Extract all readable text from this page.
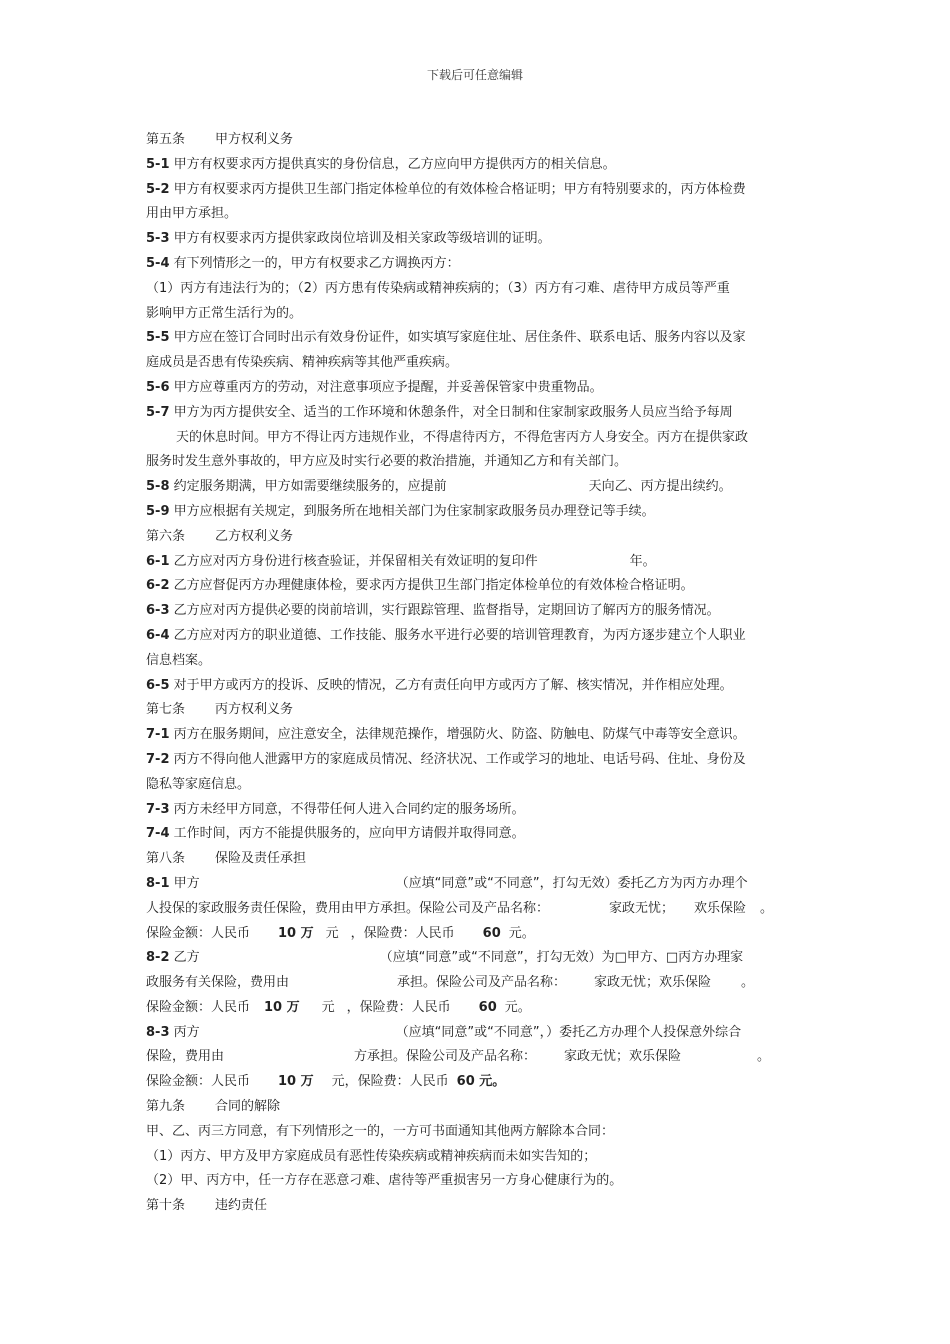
下载后可任意编辑
第五条 甲方权利义务
5-1 甲方有权要求丙方提供真实的身份信息，乙方应向甲方提供丙方的相关信息。
5-2 甲方有权要求丙方提供卫生部门指定体检单位的有效体检合格证明；甲方有特别要求的，丙方体检费
用由甲方承担。
5-3 甲方有权要求丙方提供家政岗位培训及相关家政等级培训的证明。
5-4 有下列情形之一的，甲方有权要求乙方调换丙方：
（1）丙方有违法行为的；（2）丙方患有传染病或精神疾病的；（3）丙方有刁难、虐待甲方成员等严重
影响甲方正常生活行为的。
5-5 甲方应在签订合同时出示有效身份证件，如实填写家庭住址、居住条件、联系电话、服务内容以及家
庭成员是否患有传染疾病、精神疾病等其他严重疾病。
5-6 甲方应尊重丙方的劳动，对注意事项应予提醒，并妥善保管家中贵重物品。
5-7 甲方为丙方提供安全、适当的工作环境和休憩条件，对全日制和住家制家政服务人员应当给予每周
天的休息时间。甲方不得让丙方违规作业，不得虐待丙方，不得危害丙方人身安全。丙方在提供家政
服务时发生意外事故的，甲方应及时实行必要的救治措施，并通知乙方和有关部门。
5-8 约定服务期满，甲方如需要继续服务的，应提前	天向乙、丙方提出续约。
5-9 甲方应根据有关规定，到服务所在地相关部门为住家制家政服务员办理登记等手续。
第六条 乙方权利义务
6-1 乙方应对丙方身份进行核查验证，并保留相关有效证明的复印件	年。
6-2 乙方应督促丙方办理健康体检，要求丙方提供卫生部门指定体检单位的有效体检合格证明。
6-3 乙方应对丙方提供必要的岗前培训，实行跟踪管理、监督指导，定期回访了解丙方的服务情况。
6-4 乙方应对丙方的职业道德、工作技能、服务水平进行必要的培训管理教育，为丙方逐步建立个人职业
信息档案。
6-5 对于甲方或丙方的投诉、反映的情况，乙方有责任向甲方或丙方了解、核实情况，并作相应处理。
第七条 丙方权利义务
7-1 丙方在服务期间，应注意安全，法律规范操作，增强防火、防盗、防触电、防煤气中毒等安全意识。
7-2 丙方不得向他人泄露甲方的家庭成员情况、经济状况、工作或学习的地址、电话号码、住址、身份及
隐私等家庭信息。
7-3 丙方未经甲方同意，不得带任何人进入合同约定的服务场所。
7-4 工作时间，丙方不能提供服务的，应向甲方请假并取得同意。
第八条 保险及责任承担
8-1 甲方	（应填“同意”或“不同意”，打勾无效）委托乙方为丙方办理个
人投保的家政服务责任保险，费用由甲方承担。保险公司及产品名称：	家政无忧； 欢乐保险 。
保险金额：人民币 10 万 元 ，保险费：人民币 60 元。
8-2 乙方	（应填“同意”或“不同意”，打勾无效）为□甲方、□丙方办理家
政服务有关保险，费用由	承担。保险公司及产品名称： 家政无忧；欢乐保险 。
保险金额：人民币 10 万 元 ，保险费：人民币 60 元。
8-3 丙方	（应填“同意”或“不同意”，）委托乙方办理个人投保意外综合
保险，费用由	方承担。保险公司及产品名称： 家政无忧；欢乐保险	。
保险金额：人民币 10 万 元，保险费：人民币 60 元。
第九条 合同的解除
甲、乙、丙三方同意，有下列情形之一的，一方可书面通知其他两方解除本合同：
（1）丙方、甲方及甲方家庭成员有恶性传染疾病或精神疾病而未如实告知的；
（2）甲、丙方中，任一方存在恶意刁难、虐待等严重损害另一方身心健康行为的。
第十条 违约责任
